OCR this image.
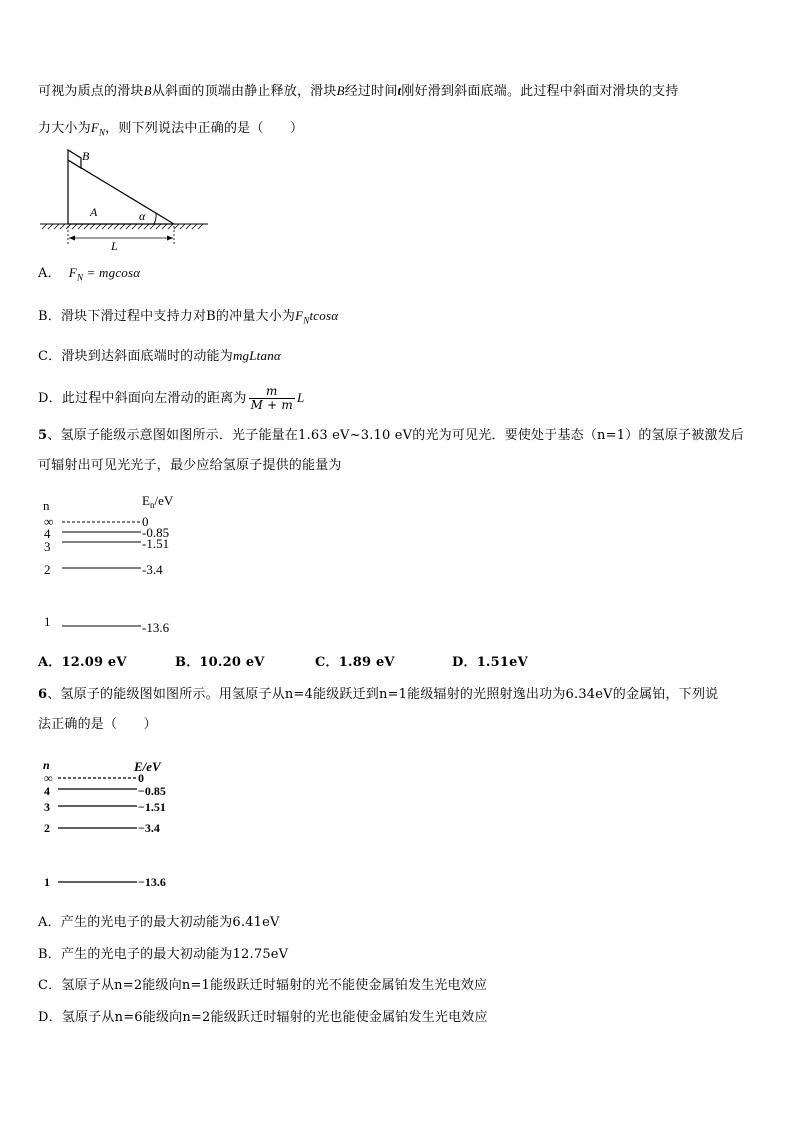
可视为质点的滑块B从斜面的顶端由静止释放，滑块B经过时间t刚好滑到斜面底端。此过程中斜面对滑块的支持
力大小为$F_N$，则下列说法中正确的是（　　）
B
A	α
L
A． $F_N = mgcos\alpha$
B．滑块下滑过程中支持力对B的冲量大小为$F_Ntcos\alpha$
C．滑块到达斜面底端时的动能为mgLtanα
D．此过程中斜面向左滑动的距离为 $\frac{m}{M + m}$ L
5、氢原子能级示意图如图所示．光子能量在1.63 eV~3.10 eV的光为可见光．要使处于基态（n=1）的氢原子被激发后
可辐射出可见光光子，最少应给氢原子提供的能量为
n	$E_n/eV$
∞	0
4	-0.85
3	-1.51
2	-3.4
1	-13.6
A．12.09 eV	B．10.20 eV	C．1.89 eV	D．1.51eV
6、氢原子的能级图如图所示。用氢原子从n=4能级跃迁到n=1能级辐射的光照射逸出功为6.34eV的金属铂，下列说
法正确的是（　　）
n	E/eV
∞	0
4	−0.85
3	−1.51
2	−3.4
1	−13.6
A．产生的光电子的最大初动能为6.41eV
B．产生的光电子的最大初动能为12.75eV
C．氢原子从n=2能级向n=1能级跃迁时辐射的光不能使金属铂发生光电效应
D．氢原子从n=6能级向n=2能级跃迁时辐射的光也能使金属铂发生光电效应
